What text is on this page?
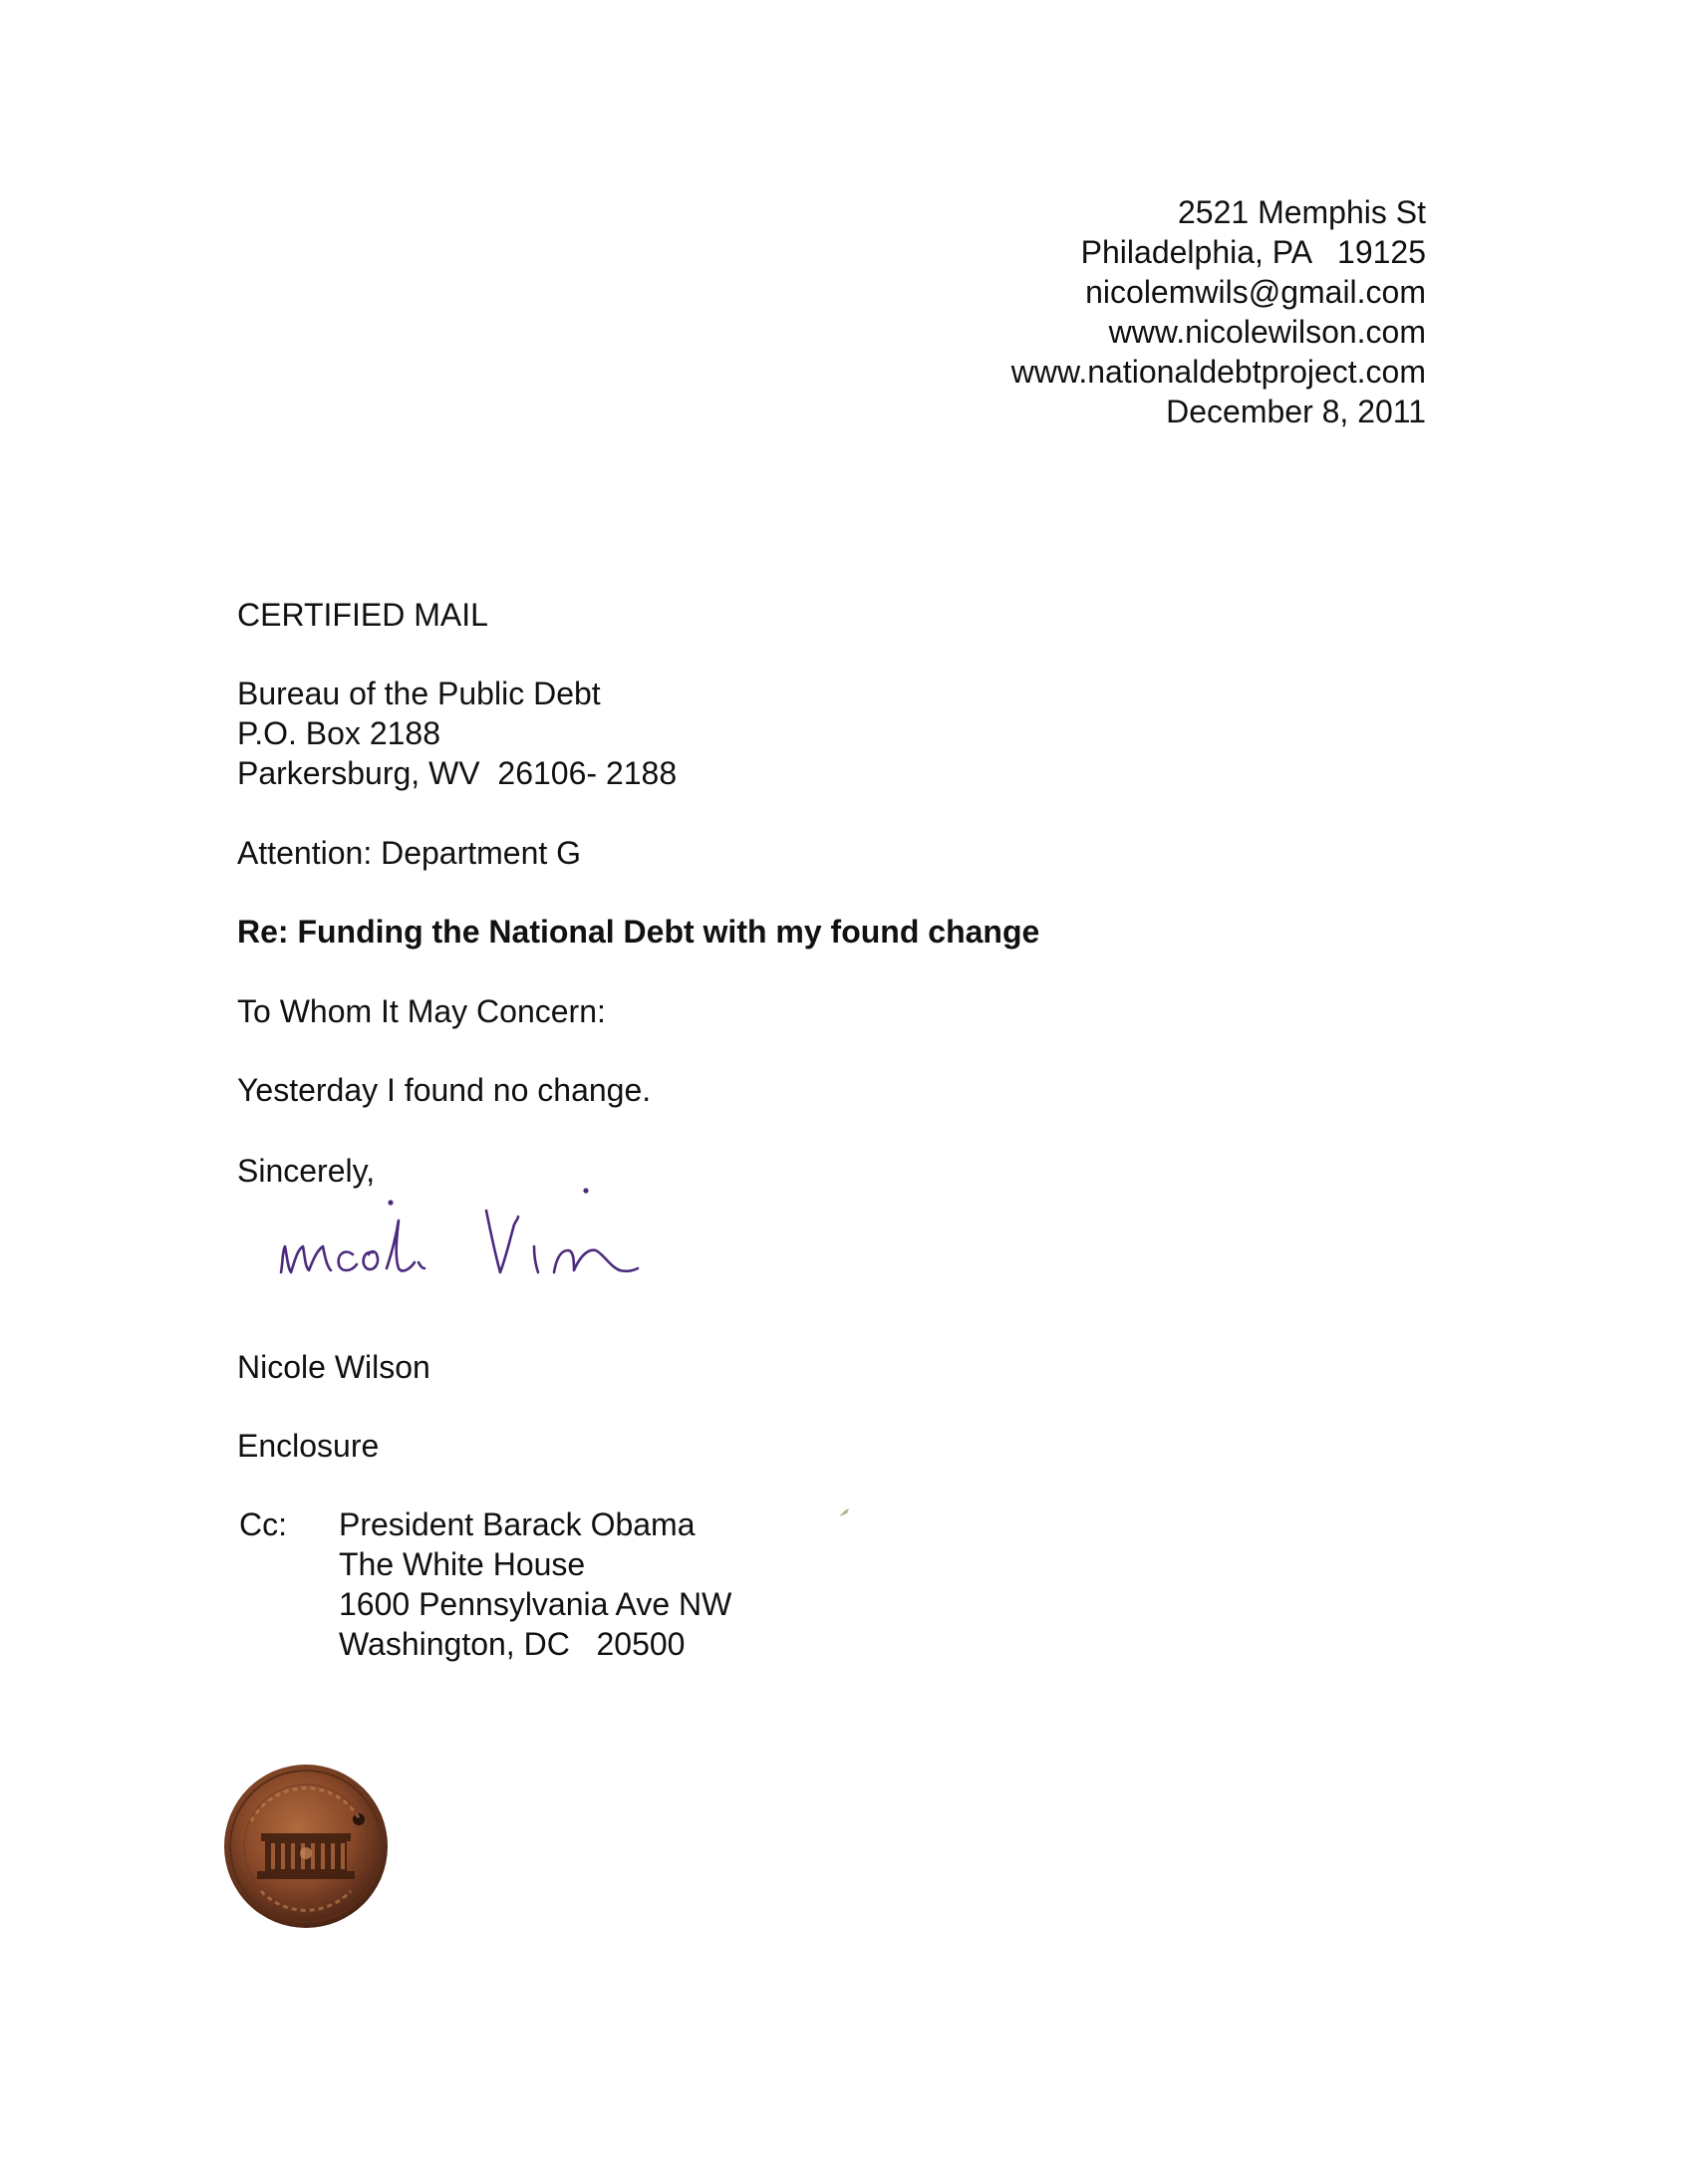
2521 Memphis St
Philadelphia, PA   19125
nicolemwils@gmail.com
www.nicolewilson.com
www.nationaldebtproject.com
December 8, 2011
CERTIFIED MAIL
Bureau of the Public Debt
P.O. Box 2188
Parkersburg, WV  26106- 2188
Attention: Department G
Re: Funding the National Debt with my found change
To Whom It May Concern:
Yesterday I found no change.
Sincerely,
Nicole Wilson
Enclosure
Cc: President Barack Obama
The White House
1600 Pennsylvania Ave NW
Washington, DC   20500
